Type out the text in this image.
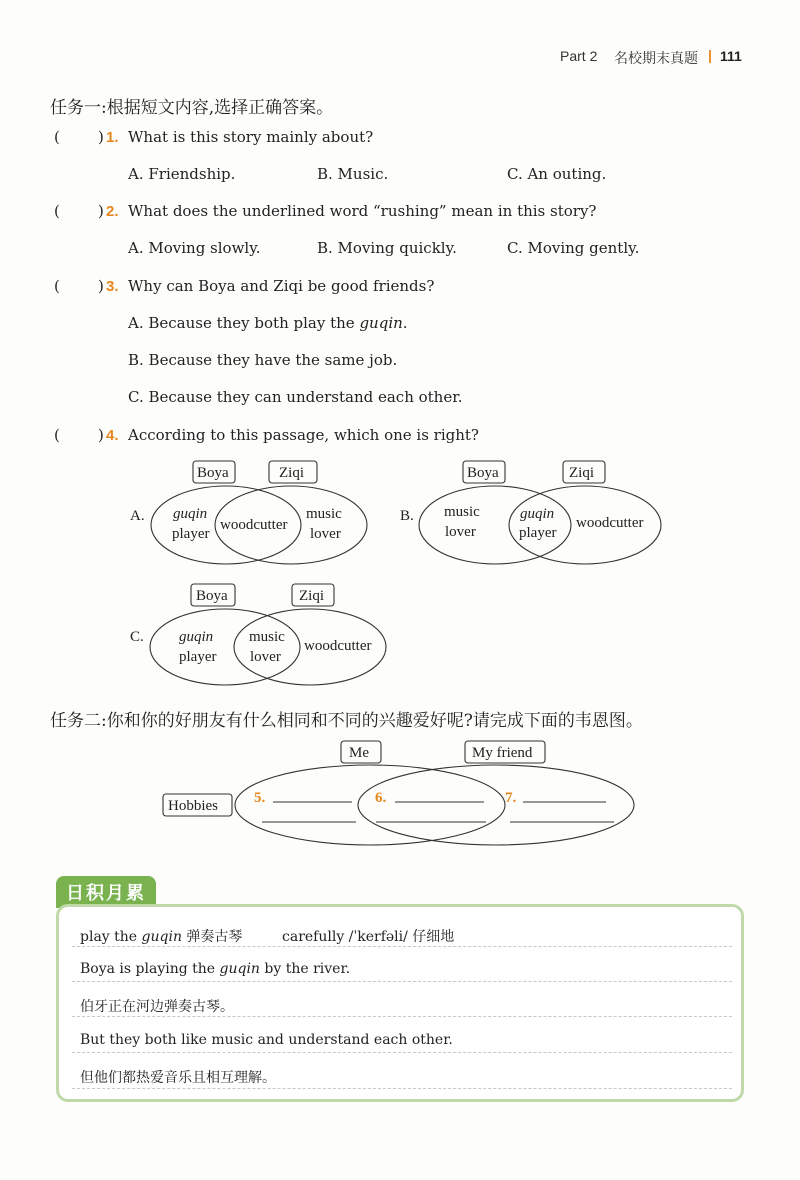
Part 2 名校期末真题 | 111
任务一:根据短文内容,选择正确答案。
(	) 1. What is this story mainly about?
A. Friendship.	B. Music.	C. An outing.
(	) 2. What does the underlined word “rushing” mean in this story?
A. Moving slowly.	B. Moving quickly.	C. Moving gently.
(	) 3. Why can Boya and Ziqi be good friends?
A. Because they both play the guqin.
B. Because they have the same job.
C. Because they can understand each other.
(	) 4. According to this passage, which one is right?
A.
Boya	Ziqi
guqin
player
woodcutter
music
lover
B.
Boya	Ziqi
music
lover
guqin
player
woodcutter
C.
Boya	Ziqi
guqin
player
music
lover
woodcutter
任务二:你和你的好朋友有什么相同和不同的兴趣爱好呢?请完成下面的韦恩图。
Me	My friend
Hobbies 5.	6.	7.
日积月累
play the guqin 弹奏古琴	carefully /ˈkerfəli/ 仔细地
Boya is playing the guqin by the river.
伯牙正在河边弹奏古琴。
But they both like music and understand each other.
但他们都热爱音乐且相互理解。
